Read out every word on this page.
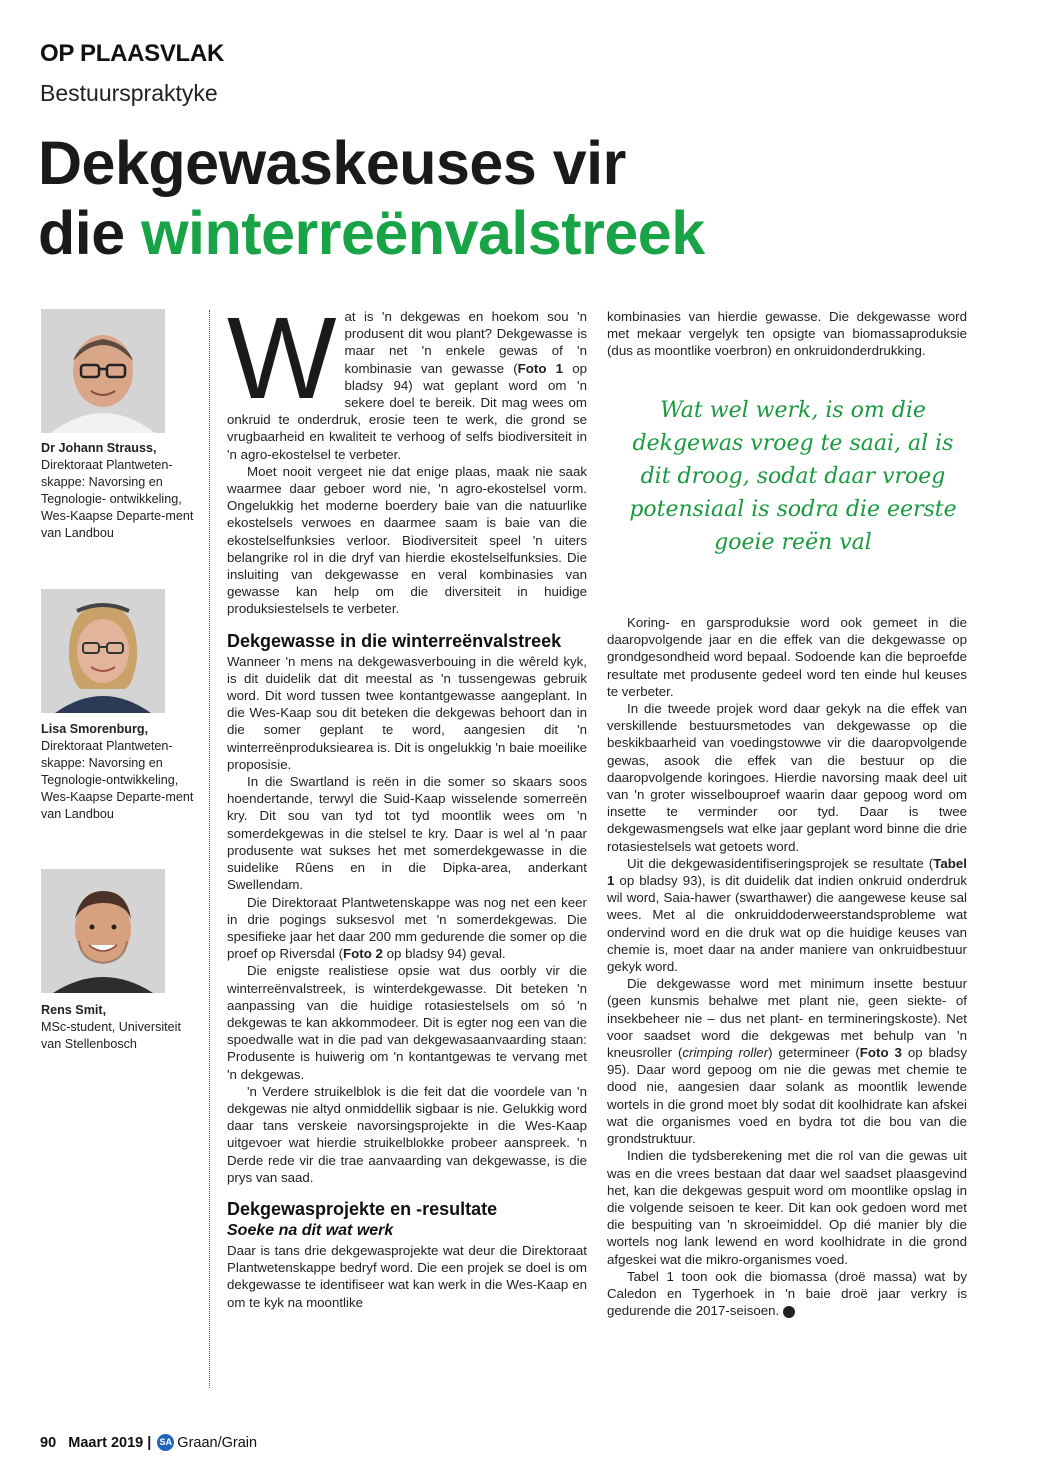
OP PLAASVLAK
Bestuurspraktyke
Dekgewaskeuses vir
die winterreënvalstreek
Dr Johann Strauss,
Direktoraat Plantweten-skappe: Navorsing en Tegnologie- ontwikkeling, Wes-Kaapse Departe-ment van Landbou
Lisa Smorenburg,
Direktoraat Plantweten-skappe: Navorsing en Tegnologie-ontwikkeling, Wes-Kaapse Departe-ment van Landbou
Rens Smit,
MSc-student, Universiteit van Stellenbosch

Wat is 'n dekgewas en hoekom sou 'n produsent dit wou plant? Dekgewasse is maar net 'n enkele gewas of 'n kombinasie van gewasse (Foto 1 op bladsy 94) wat geplant word om 'n sekere doel te bereik. Dit mag wees om onkruid te onderdruk, erosie teen te werk, die grond se vrugbaarheid en kwaliteit te verhoog of selfs biodiversiteit in 'n agro-ekostelsel te verbeter.

Moet nooit vergeet nie dat enige plaas, maak nie saak waarmee daar geboer word nie, 'n agro-ekostelsel vorm. Ongelukkig het moderne boerdery baie van die natuurlike ekostelsels verwoes en daarmee saam is baie van die ekostelselfunksies verloor. Biodiversiteit speel 'n uiters belangrike rol in die dryf van hierdie ekostelselfunksies. Die insluiting van dekgewasse en veral kombinasies van gewasse kan help om die diversiteit in huidige produksiestelsels te verbeter.

Dekgewasse in die winterreënvalstreek

Wanneer 'n mens na dekgewasverbouing in die wêreld kyk, is dit duidelik dat dit meestal as 'n tussengewas gebruik word. Dit word tussen twee kontantgewasse aangeplant. In die Wes-Kaap sou dit beteken die dekgewas behoort dan in die somer geplant te word, aangesien dit 'n winterreënproduksiearea is. Dit is ongelukkig 'n baie moeilike proposisie.

In die Swartland is reën in die somer so skaars soos hoendertande, terwyl die Suid-Kaap wisselende somerreën kry. Dit sou van tyd tot tyd moontlik wees om 'n somerdekgewas in die stelsel te kry. Daar is wel al 'n paar produsente wat sukses het met somerdekgewasse in die suidelike Rûens en in die Dipka-area, anderkant Swellendam.

Die Direktoraat Plantwetenskappe was nog net een keer in drie pogings suksesvol met 'n somerdekgewas. Die spesifieke jaar het daar 200 mm gedurende die somer op die proef op Riversdal (Foto 2 op bladsy 94) geval.

Die enigste realistiese opsie wat dus oorbly vir die winterreënvalstreek, is winterdekgewasse. Dit beteken 'n aanpassing van die huidige rotasiestelsels om só 'n dekgewas te kan akkommodeer. Dit is egter nog een van die spoedwalle wat in die pad van dekgewasaanvaarding staan: Produsente is huiwerig om 'n kontantgewas te vervang met 'n dekgewas.

'n Verdere struikelblok is die feit dat die voordele van 'n dekgewas nie altyd onmiddellik sigbaar is nie. Gelukkig word daar tans verskeie navorsingsprojekte in die Wes-Kaap uitgevoer wat hierdie struikelblokke probeer aanspreek. 'n Derde rede vir die trae aanvaarding van dekgewasse, is die prys van saad.

Dekgewasprojekte en -resultate
Soeke na dit wat werk

Daar is tans drie dekgewasprojekte wat deur die Direktoraat Plantwetenskappe bedryf word. Die een projek se doel is om dekgewasse te identifiseer wat kan werk in die Wes-Kaap en om te kyk na moontlike

kombinasies van hierdie gewasse. Die dekgewasse word met mekaar vergelyk ten opsigte van biomassaproduksie (dus as moontlike voerbron) en onkruidonderdrukking.

Wat wel werk, is om die dekgewas vroeg te saai, al is dit droog, sodat daar vroeg potensiaal is sodra die eerste goeie reën val

Koring- en garsproduksie word ook gemeet in die daaropvolgende jaar en die effek van die dekgewasse op grondgesondheid word bepaal. Sodoende kan die beproefde resultate met produsente gedeel word ten einde hul keuses te verbeter.

In die tweede projek word daar gekyk na die effek van verskillende bestuursmetodes van dekgewasse op die beskikbaarheid van voedingstowwe vir die daaropvolgende gewas, asook die effek van die bestuur op die daaropvolgende koringoes. Hierdie navorsing maak deel uit van 'n groter wisselbouproef waarin daar gepoog word om insette te verminder oor tyd. Daar is twee dekgewasmengsels wat elke jaar geplant word binne die drie rotasiestelsels wat getoets word.

Uit die dekgewasidentifiseringsprojek se resultate (Tabel 1 op bladsy 93), is dit duidelik dat indien onkruid onderdruk wil word, Saia-hawer (swarthawer) die aangewese keuse sal wees. Met al die onkruiddoderweerstandsprobleme wat ondervind word en die druk wat op die huidige keuses van chemie is, moet daar na ander maniere van onkruidbestuur gekyk word.

Die dekgewasse word met minimum insette bestuur (geen kunsmis behalwe met plant nie, geen siekte- of insekbeheer nie – dus net plant- en termineringskoste). Net voor saadset word die dekgewas met behulp van 'n kneusroller (crimping roller) getermineer (Foto 3 op bladsy 95). Daar word gepoog om nie die gewas met chemie te dood nie, aangesien daar solank as moontlik lewende wortels in die grond moet bly sodat dit koolhidrate kan afskei wat die organismes voed en bydra tot die bou van die grondstruktuur.

Indien die tydsberekening met die rol van die gewas uit was en die vrees bestaan dat daar wel saadset plaasgevind het, kan die dekgewas gespuit word om moontlike opslag in die volgende seisoen te keer. Dit kan ook gedoen word met die bespuiting van 'n skroeimiddel. Op dié manier bly die wortels nog lank lewend en word koolhidrate in die grond afgeskei wat die mikro-organismes voed.

Tabel 1 toon ook die biomassa (droë massa) wat by Caledon en Tygerhoek in 'n baie droë jaar verkry is gedurende die 2017-seisoen.	▶

90
Maart 2019
| SA Graan/Grain
